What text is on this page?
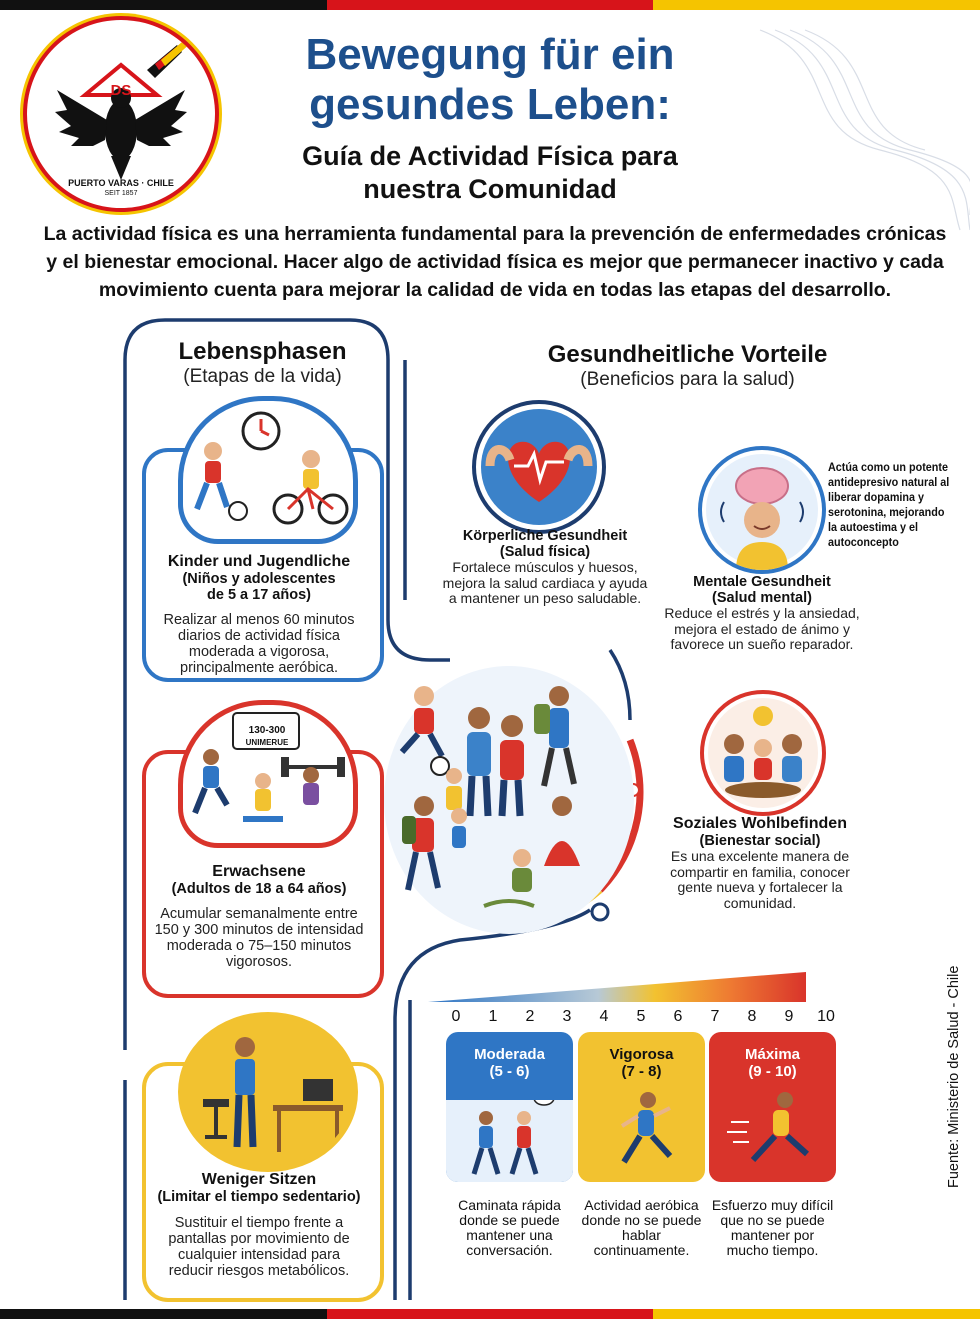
DS
PUERTO VARAS · CHILE
SEIT 1857
Bewegung für ein
gesundes Leben:
Guía de Actividad Física para
nuestra Comunidad
La actividad física es una herramienta fundamental para la prevención de enfermedades crónicas y el bienestar emocional. Hacer algo de actividad física es mejor que permanecer inactivo y cada movimiento cuenta para mejorar la calidad de vida en todas las etapas del desarrollo.
Lebensphasen
(Etapas de la vida)
Gesundheitliche Vorteile
(Beneficios para la salud)
60
MINUTOS
Kinder und Jugendliche
(Niños y adolescentes
de 5 a 17 años)
Realizar al menos 60 minutos diarios de actividad física moderada a vigorosa, principalmente aeróbica.
130-300
UNIMERUE
Erwachsene
(Adultos de 18 a 64 años)
Acumular semanalmente entre 150 y 300 minutos de intensidad moderada o 75–150 minutos vigorosos.
Weniger Sitzen
(Limitar el tiempo sedentario)
Sustituir el tiempo frente a pantallas por movimiento de cualquier intensidad para reducir riesgos metabólicos.
Körperliche Gesundheit
(Salud física)
Fortalece músculos y huesos, mejora la salud cardiaca y ayuda a mantener un peso saludable.
Actúa como un potente antidepresivo natural al liberar dopamina y serotonina, mejorando la autoestima y el autoconcepto
Mentale Gesundheit
(Salud mental)
Reduce el estrés y la ansiedad, mejora el estado de ánimo y favorece un sueño reparador.
Soziales Wohlbefinden
(Bienestar social)
Es una excelente manera de compartir en familia, conocer gente nueva y fortalecer la comunidad.
0	1	2	3	4	5	6	7	8	9	10
Moderada
(5 - 6)
Vigorosa
(7 - 8)
Máxima
(9 - 10)
Caminata rápida donde se puede mantener una conversación.
Actividad aeróbica donde no se puede hablar continuamente.
Esfuerzo muy difícil que no se puede mantener por mucho tiempo.
Fuente: Ministerio de Salud - Chile
